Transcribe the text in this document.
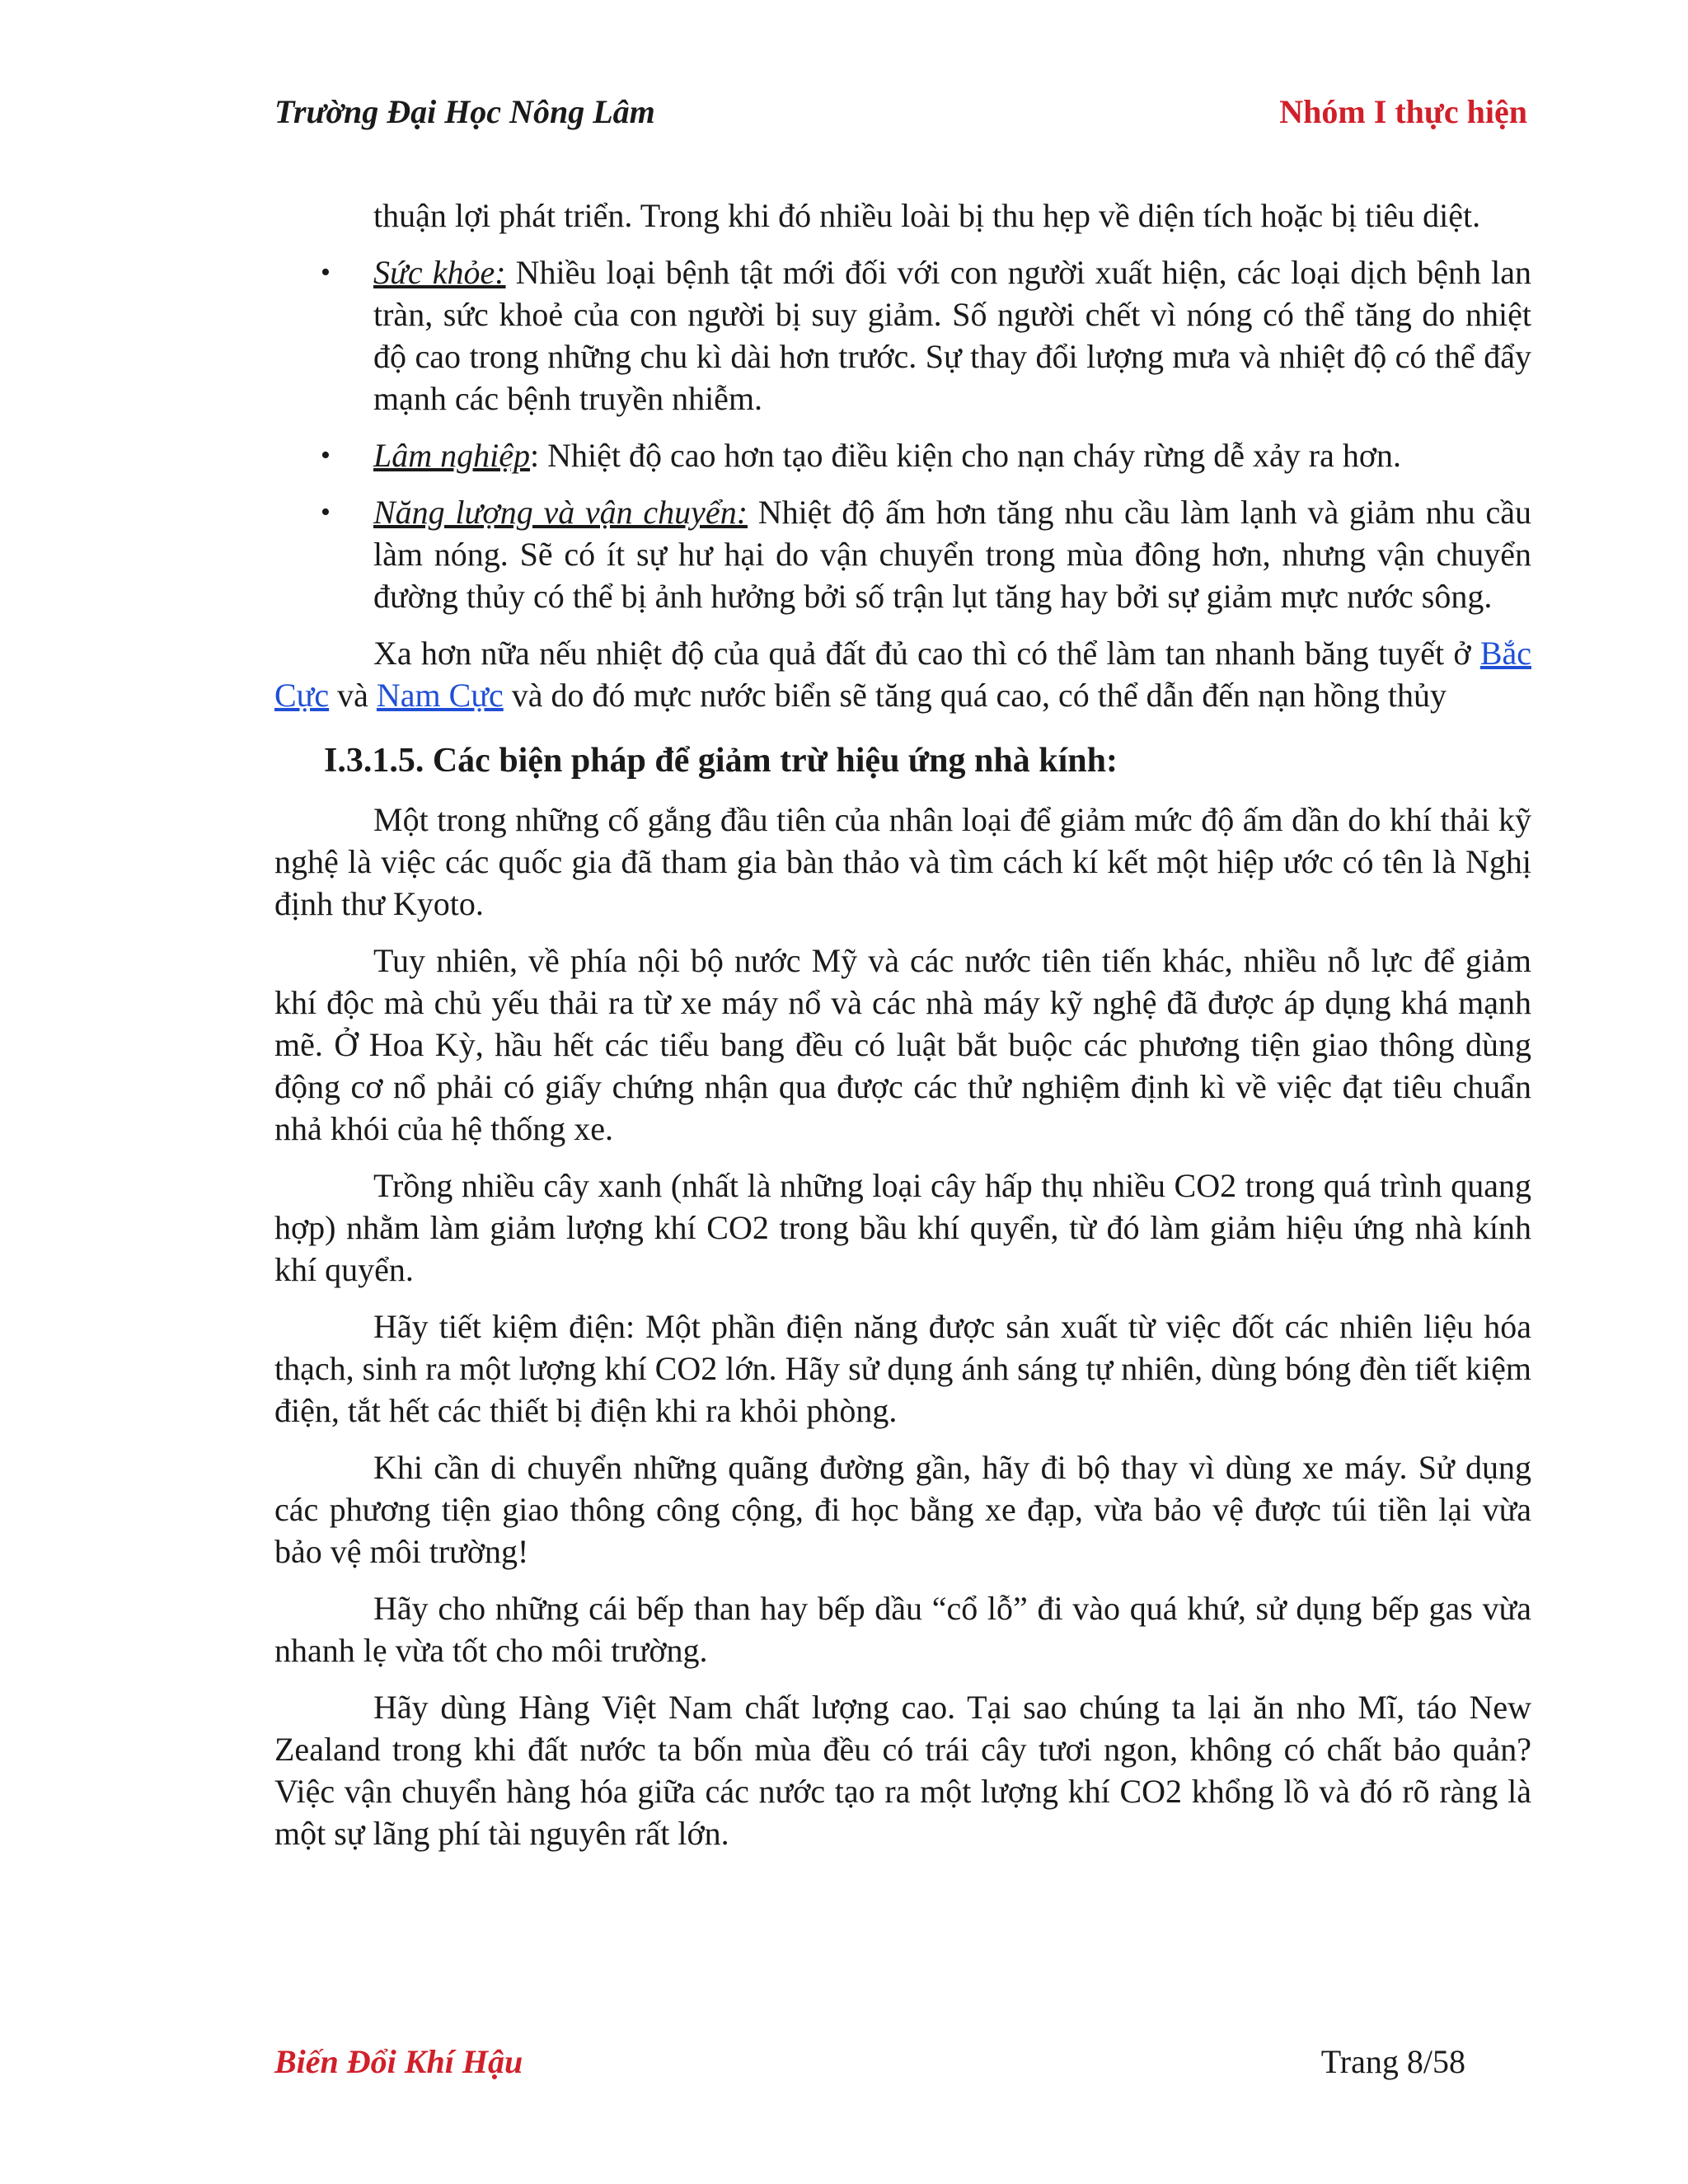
Trường Đại Học Nông Lâm	Nhóm I thực hiện

thuận lợi phát triển. Trong khi đó nhiều loài bị thu hẹp về diện tích hoặc bị tiêu diệt.

• Sức khỏe: Nhiều loại bệnh tật mới đối với con người xuất hiện, các loại dịch bệnh lan tràn, sức khoẻ của con người bị suy giảm. Số người chết vì nóng có thể tăng do nhiệt độ cao trong những chu kì dài hơn trước. Sự thay đổi lượng mưa và nhiệt độ có thể đẩy mạnh các bệnh truyền nhiễm.
• Lâm nghiệp: Nhiệt độ cao hơn tạo điều kiện cho nạn cháy rừng dễ xảy ra hơn.
• Năng lượng và vận chuyển: Nhiệt độ ấm hơn tăng nhu cầu làm lạnh và giảm nhu cầu làm nóng. Sẽ có ít sự hư hại do vận chuyển trong mùa đông hơn, nhưng vận chuyển đường thủy có thể bị ảnh hưởng bởi số trận lụt tăng hay bởi sự giảm mực nước sông.

Xa hơn nữa nếu nhiệt độ của quả đất đủ cao thì có thể làm tan nhanh băng tuyết ở Bắc Cực và Nam Cực và do đó mực nước biển sẽ tăng quá cao, có thể dẫn đến nạn hồng thủy

I.3.1.5. Các biện pháp để giảm trừ hiệu ứng nhà kính:

Một trong những cố gắng đầu tiên của nhân loại để giảm mức độ ấm dần do khí thải kỹ nghệ là việc các quốc gia đã tham gia bàn thảo và tìm cách kí kết một hiệp ước có tên là Nghị định thư Kyoto.

Tuy nhiên, về phía nội bộ nước Mỹ và các nước tiên tiến khác, nhiều nỗ lực để giảm khí độc mà chủ yếu thải ra từ xe máy nổ và các nhà máy kỹ nghệ đã được áp dụng khá mạnh mẽ. Ở Hoa Kỳ, hầu hết các tiểu bang đều có luật bắt buộc các phương tiện giao thông dùng động cơ nổ phải có giấy chứng nhận qua được các thử nghiệm định kì về việc đạt tiêu chuẩn nhả khói của hệ thống xe.

Trồng nhiều cây xanh (nhất là những loại cây hấp thụ nhiều CO2 trong quá trình quang hợp) nhằm làm giảm lượng khí CO2 trong bầu khí quyển, từ đó làm giảm hiệu ứng nhà kính khí quyển.

Hãy tiết kiệm điện: Một phần điện năng được sản xuất từ việc đốt các nhiên liệu hóa thạch, sinh ra một lượng khí CO2 lớn. Hãy sử dụng ánh sáng tự nhiên, dùng bóng đèn tiết kiệm điện, tắt hết các thiết bị điện khi ra khỏi phòng.

Khi cần di chuyển những quãng đường gần, hãy đi bộ thay vì dùng xe máy. Sử dụng các phương tiện giao thông công cộng, đi học bằng xe đạp, vừa bảo vệ được túi tiền lại vừa bảo vệ môi trường!

Hãy cho những cái bếp than hay bếp dầu “cổ lỗ” đi vào quá khứ, sử dụng bếp gas vừa nhanh lẹ vừa tốt cho môi trường.

Hãy dùng Hàng Việt Nam chất lượng cao. Tại sao chúng ta lại ăn nho Mĩ, táo New Zealand trong khi đất nước ta bốn mùa đều có trái cây tươi ngon, không có chất bảo quản? Việc vận chuyển hàng hóa giữa các nước tạo ra một lượng khí CO2 khổng lồ và đó rõ ràng là một sự lãng phí tài nguyên rất lớn.

Biến Đổi Khí Hậu	Trang 8/58
